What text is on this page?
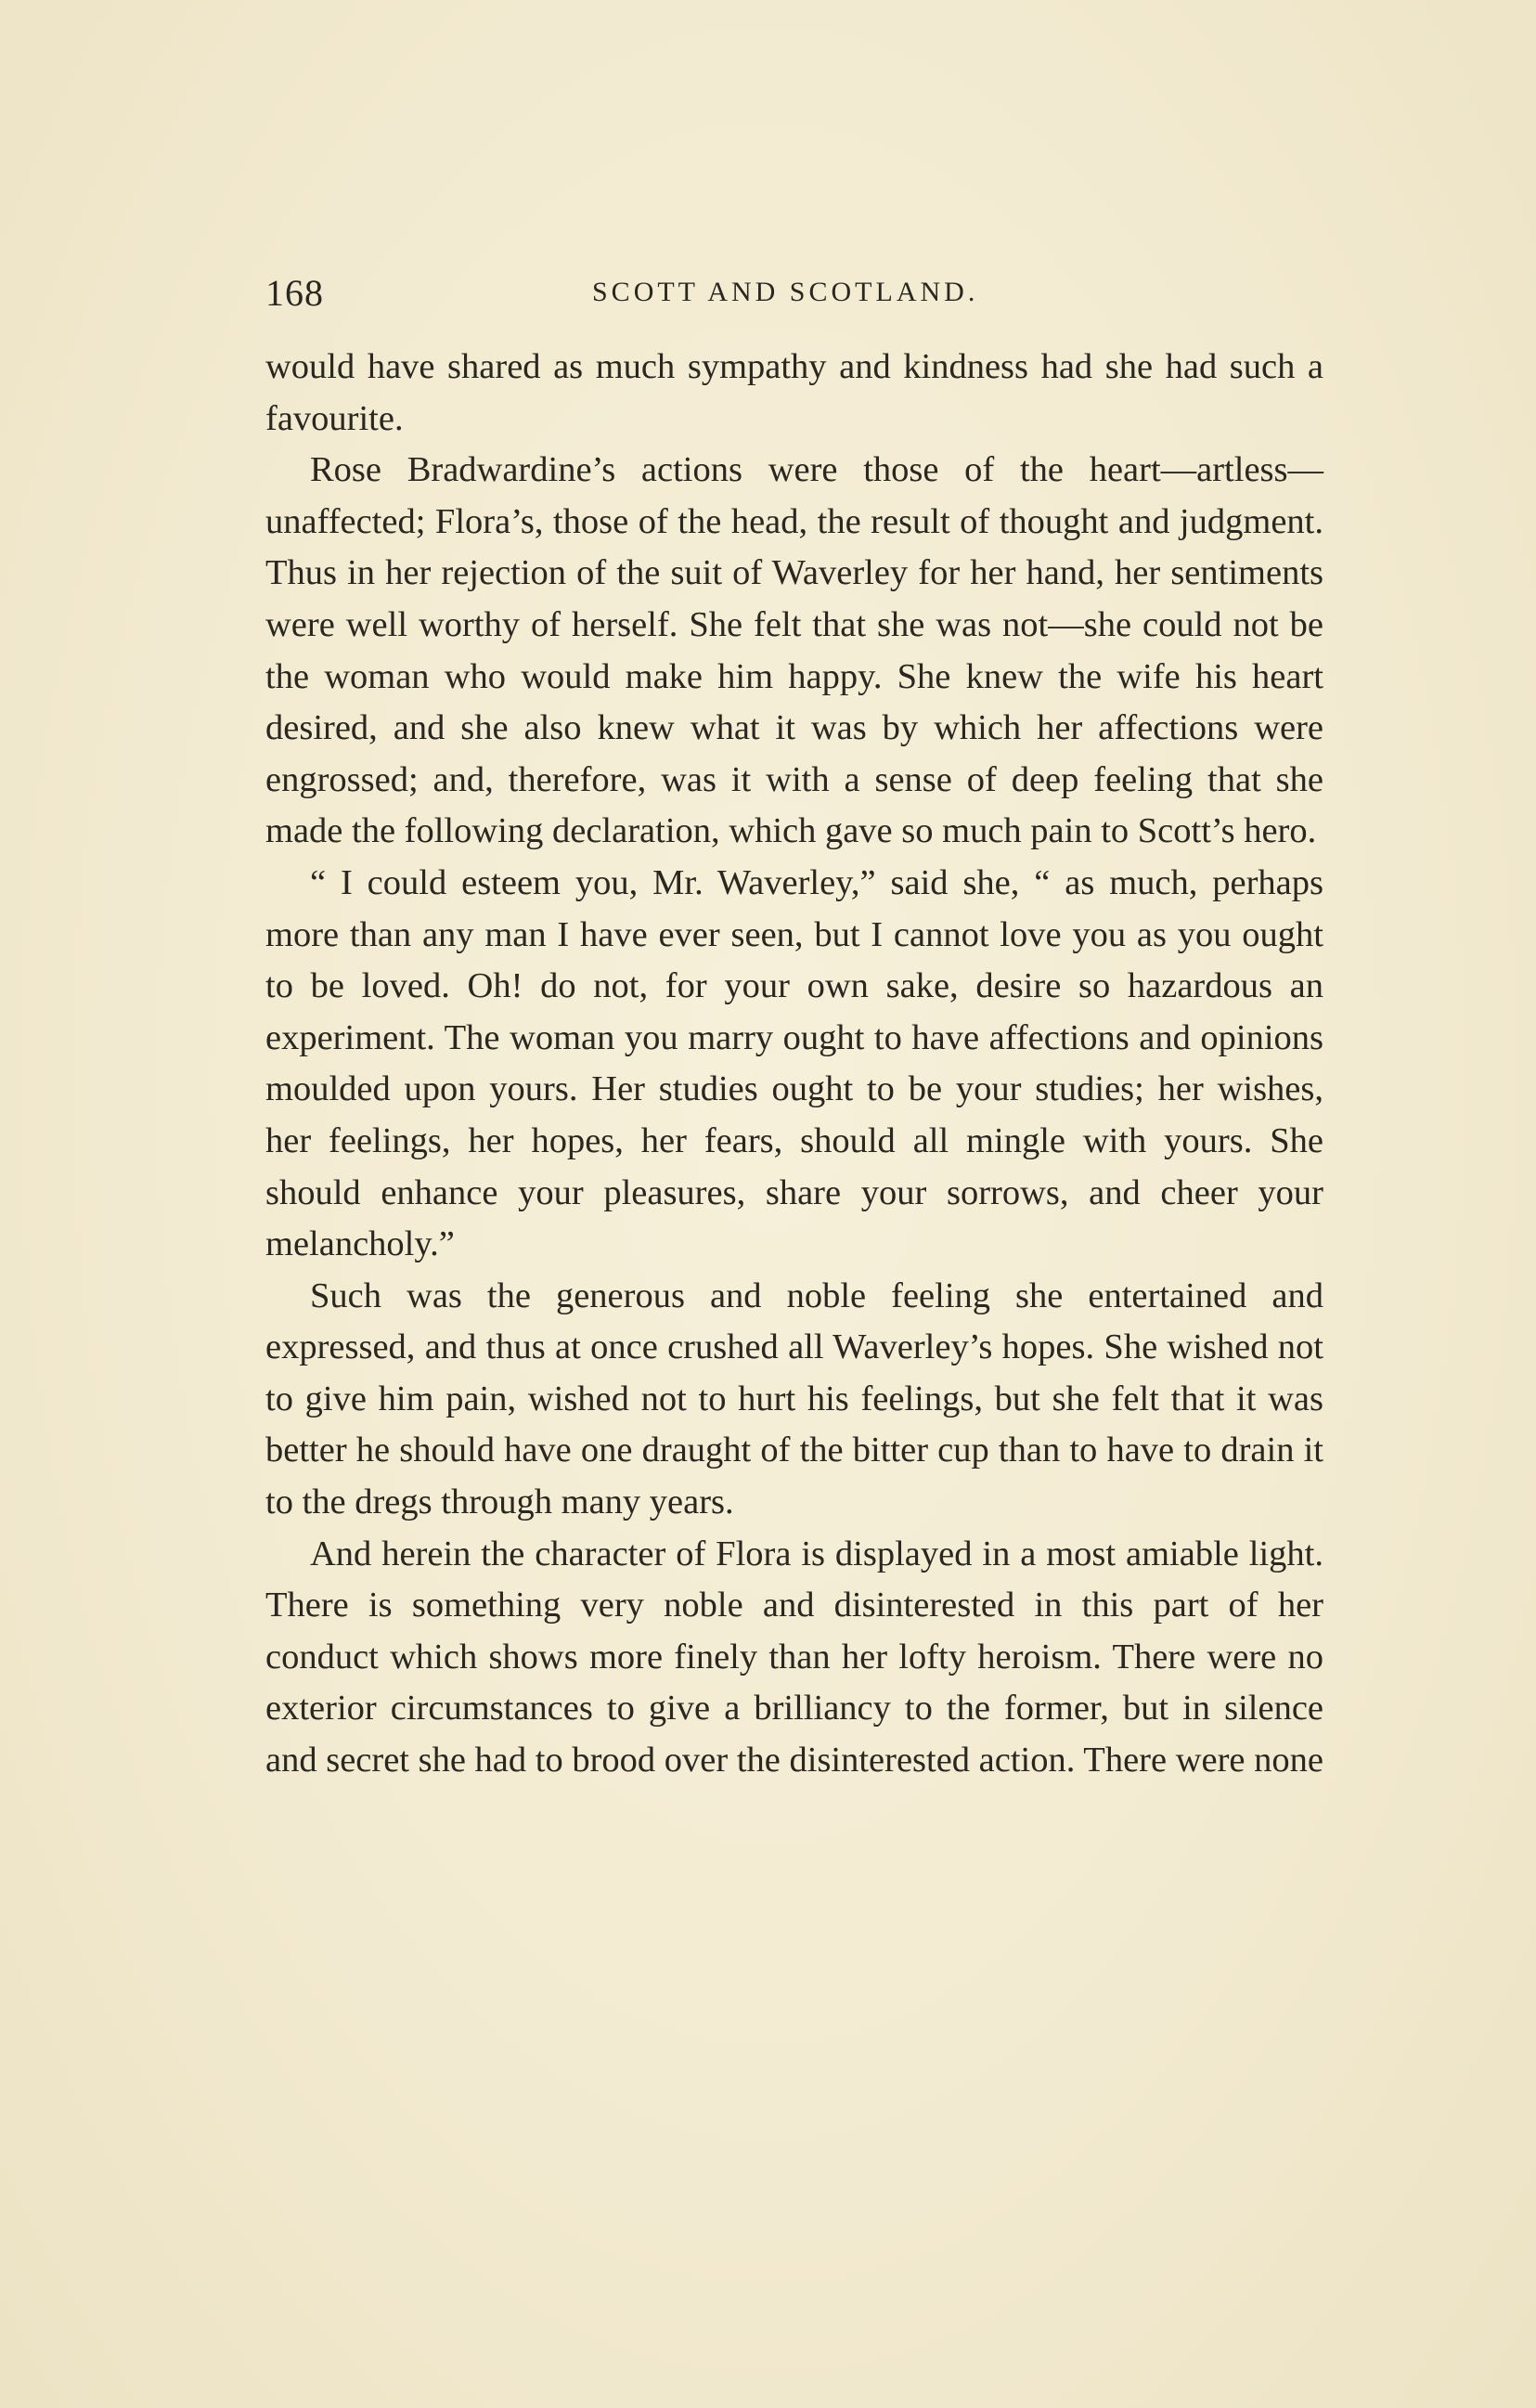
168	SCOTT AND SCOTLAND.

would have shared as much sympathy and kindness had she had such a favourite.

Rose Bradwardine’s actions were those of the heart—artless—unaffected; Flora’s, those of the head, the result of thought and judgment. Thus in her rejection of the suit of Waverley for her hand, her sentiments were well worthy of herself. She felt that she was not—she could not be the woman who would make him happy. She knew the wife his heart desired, and she also knew what it was by which her affections were engrossed; and, therefore, was it with a sense of deep feeling that she made the following declaration, which gave so much pain to Scott’s hero.

“ I could esteem you, Mr. Waverley,” said she, “ as much, perhaps more than any man I have ever seen, but I cannot love you as you ought to be loved. Oh! do not, for your own sake, desire so hazardous an experiment. The woman you marry ought to have affections and opinions moulded upon yours. Her studies ought to be your studies; her wishes, her feelings, her hopes, her fears, should all mingle with yours. She should enhance your pleasures, share your sorrows, and cheer your melancholy.”

Such was the generous and noble feeling she entertained and expressed, and thus at once crushed all Waverley’s hopes. She wished not to give him pain, wished not to hurt his feelings, but she felt that it was better he should have one draught of the bitter cup than to have to drain it to the dregs through many years.

And herein the character of Flora is displayed in a most amiable light. There is something very noble and disinterested in this part of her conduct which shows more finely than her lofty heroism. There were no exterior circumstances to give a brilliancy to the former, but in silence and secret she had to brood over the disinterested action. There were none
